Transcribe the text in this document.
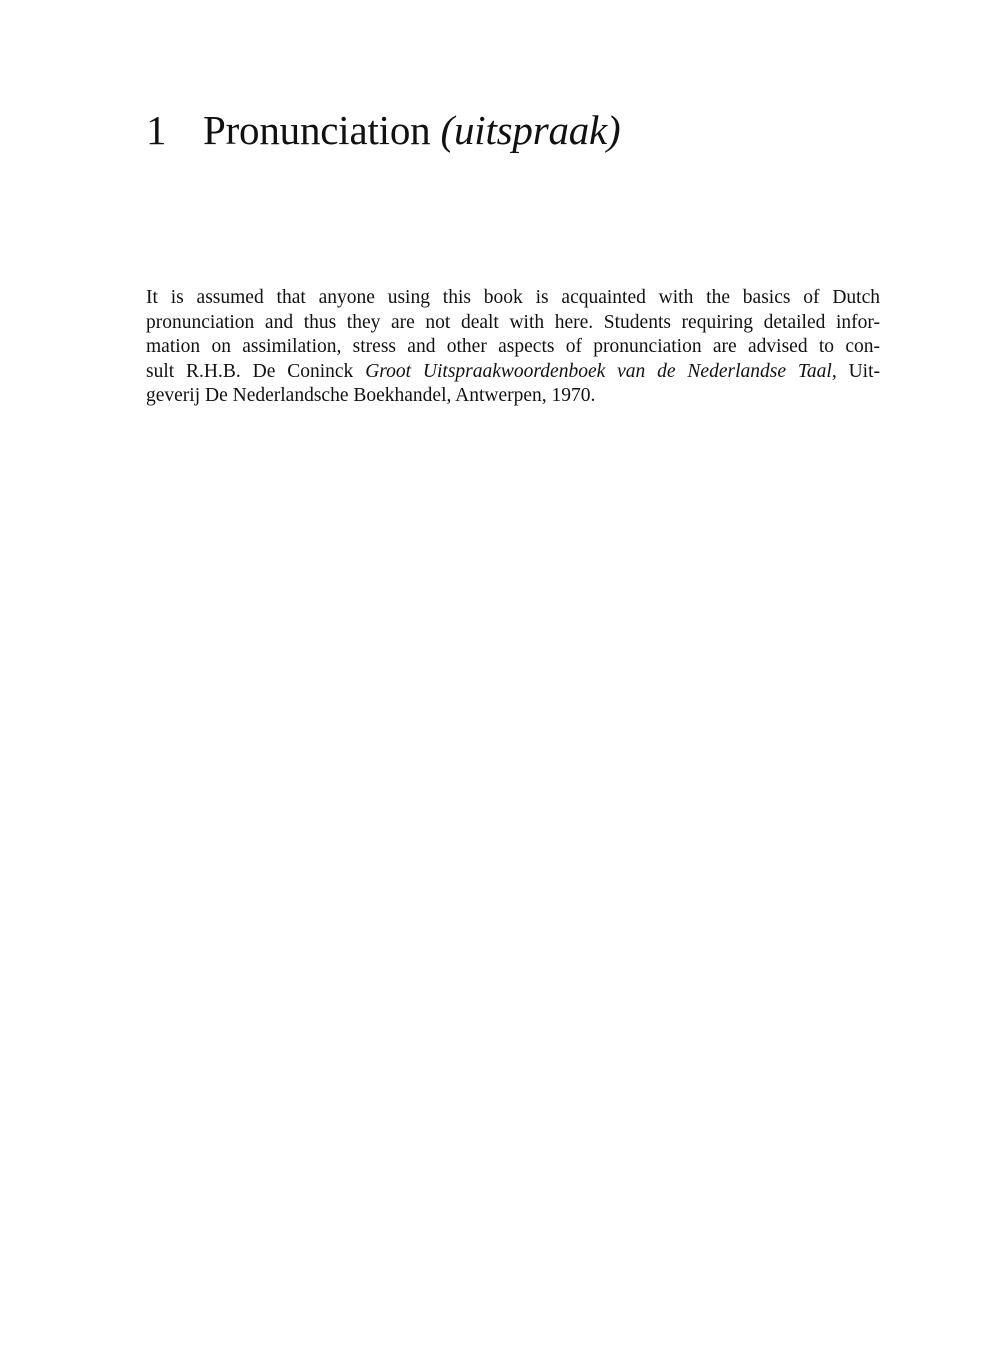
1 Pronunciation (uitspraak)

It is assumed that anyone using this book is acquainted with the basics of Dutch
pronunciation and thus they are not dealt with here. Students requiring detailed infor-
mation on assimilation, stress and other aspects of pronunciation are advised to con-
sult R.H.B. De Coninck Groot Uitspraakwoordenboek van de Nederlandse Taal, Uit-
geverij De Nederlandsche Boekhandel, Antwerpen, 1970.
